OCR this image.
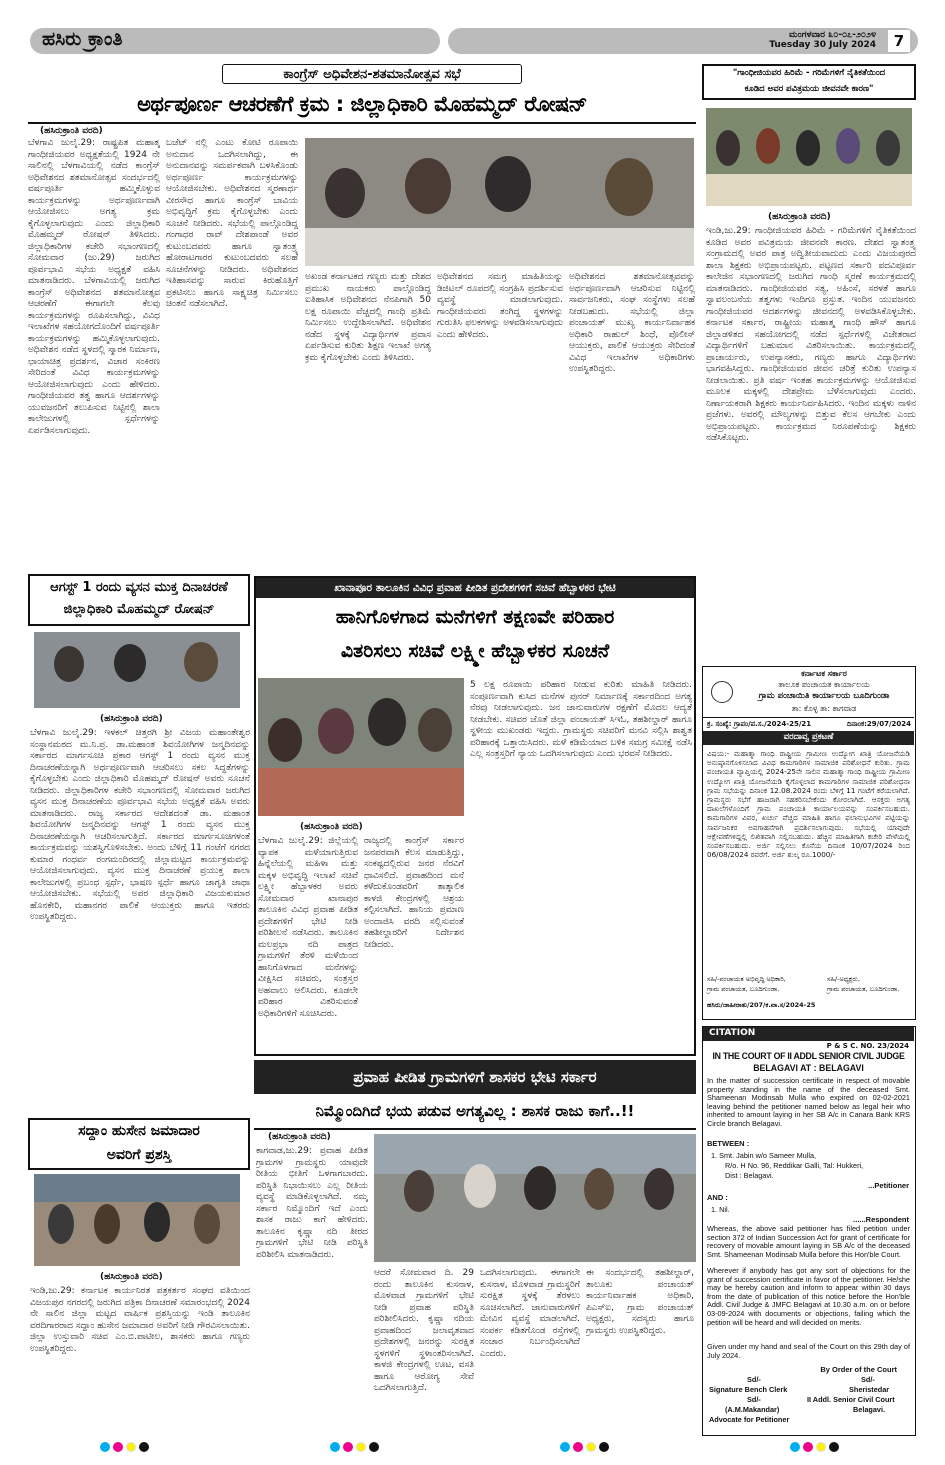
ಹಸಿರು ಕ್ರಾಂತಿ	ಮಂಗಳವಾರ ೩೦-೦೭-೨೦೨೪
Tuesday 30 July 2024	7
ಕಾಂಗ್ರೆಸ್ ಅಧಿವೇಶನ-ಶತಮಾನೋತ್ಸವ ಸಭೆ
ಅರ್ಥಪೂರ್ಣ ಆಚರಣೆಗೆ ಕ್ರಮ : ಜಿಲ್ಲಾಧಿಕಾರಿ ಮೊಹಮ್ಮದ್ ರೋಷನ್
(ಹಸಿರುಕ್ರಾಂತಿ ವರದಿ)
ಬೆಳಗಾವಿ ಜುಲೈ.29: ರಾಷ್ಟ್ರಪಿತ ಮಹಾತ್ಮ ಗಾಂಧೀಜಿಯವರ ಅಧ್ಯಕ್ಷತೆಯಲ್ಲಿ 1924 ನೇ ಸಾಲಿನಲ್ಲಿ ಬೆಳಗಾವಿಯಲ್ಲಿ ನಡೆದ ಕಾಂಗ್ರೆಸ್ ಅಧಿವೇಶನದ ಶತಮಾನೋತ್ಸವ ಸಂದರ್ಭದಲ್ಲಿ ವರ್ಷಪೂರ್ತಿ ಹಮ್ಮಿಕೊಳ್ಳುವ ಕಾರ್ಯಕ್ರಮಗಳನ್ನು ಅರ್ಥಪೂರ್ಣವಾಗಿ ಆಯೋಜಿಸಲು ಅಗತ್ಯ ಕ್ರಮ ಕೈಗೊಳ್ಳಲಾಗುವುದು ಎಂದು ಜಿಲ್ಲಾಧಿಕಾರಿ ಮೊಹಮ್ಮದ್ ರೋಷನ್ ತಿಳಿಸಿದರು. ಜಿಲ್ಲಾಧಿಕಾರಿಗಳ ಕಚೇರಿ ಸಭಾಂಗಣದಲ್ಲಿ ಸೋಮವಾರ (ಜು.29) ಜರುಗಿದ ಪೂರ್ವಭಾವಿ ಸಭೆಯ ಅಧ್ಯಕ್ಷತೆ ವಹಿಸಿ ಮಾತನಾಡಿದರು. ಬೆಳಗಾವಿಯಲ್ಲಿ ಜರುಗಿದ ಕಾಂಗ್ರೆಸ್ ಅಧಿವೇಶನದ ಶತಮಾನೋತ್ಸವ ಆಚರಣೆಗೆ ಈಗಾಗಲೇ ಕೆಲವು ಕಾರ್ಯಕ್ರಮಗಳನ್ನು ರೂಪಿಸಲಾಗಿದ್ದು, ವಿವಿಧ ಇಲಾಖೆಗಳ ಸಹಯೋಗದೊಂದಿಗೆ ವರ್ಷಪೂರ್ತಿ ಕಾರ್ಯಕ್ರಮಗಳನ್ನು ಹಮ್ಮಿಕೊಳ್ಳಲಾಗುವುದು. ಅಧಿವೇಶನ ನಡೆದ ಸ್ಥಳದಲ್ಲಿ ಸ್ಮಾರಕ ನಿರ್ಮಾಣ, ಛಾಯಾಚಿತ್ರ ಪ್ರದರ್ಶನ, ವಿಚಾರ ಸಂಕಿರಣ ಸೇರಿದಂತೆ ವಿವಿಧ ಕಾರ್ಯಕ್ರಮಗಳನ್ನು ಆಯೋಜಿಸಲಾಗುವುದು ಎಂದು ಹೇಳಿದರು. ಗಾಂಧೀಜಿಯವರ ತತ್ವ ಹಾಗೂ ಆದರ್ಶಗಳನ್ನು ಯುವಜನರಿಗೆ ತಲುಪಿಸುವ ನಿಟ್ಟಿನಲ್ಲಿ ಶಾಲಾ ಕಾಲೇಜುಗಳಲ್ಲಿ ಸ್ಪರ್ಧೆಗಳನ್ನು ಏರ್ಪಡಿಸಲಾಗುವುದು.
ಬಜೆಟ್ ನಲ್ಲಿ ಎಂಟು ಕೋಟಿ ರೂಪಾಯಿ ಅನುದಾನ ಒದಗಿಸಲಾಗಿದ್ದು, ಈ ಅನುದಾನವನ್ನು ಸಮರ್ಪಕವಾಗಿ ಬಳಸಿಕೊಂಡು ಅರ್ಥಪೂರ್ಣ ಕಾರ್ಯಕ್ರಮಗಳನ್ನು ಆಯೋಜಿಸಬೇಕು. ಅಧಿವೇಶನದ ಸ್ಮರಣಾರ್ಥ ವೀರಸೌಧ ಹಾಗೂ ಕಾಂಗ್ರೆಸ್ ಬಾವಿಯ ಅಭಿವೃದ್ಧಿಗೆ ಕ್ರಮ ಕೈಗೊಳ್ಳಬೇಕು ಎಂದು ಸೂಚನೆ ನೀಡಿದರು. ಸಭೆಯಲ್ಲಿ ಪಾಲ್ಗೊಂಡಿದ್ದ ಗಂಗಾಧರ ರಾವ್ ದೇಶಪಾಂಡೆ ಅವರ ಕುಟುಂಬದವರು ಹಾಗೂ ಸ್ವಾತಂತ್ರ್ಯ ಹೋರಾಟಗಾರರ ಕುಟುಂಬದವರು ಸಲಹೆ ಸೂಚನೆಗಳನ್ನು ನೀಡಿದರು. ಅಧಿವೇಶನದ ಇತಿಹಾಸವನ್ನು ಸಾರುವ ಕಿರುಹೊತ್ತಿಗೆ ಪ್ರಕಟಿಸಲು ಹಾಗೂ ಸಾಕ್ಷ್ಯಚಿತ್ರ ನಿರ್ಮಿಸಲು ಚಿಂತನೆ ನಡೆಸಲಾಗಿದೆ.
ಅಖಂಡ ಕರ್ನಾಟಕದ ಗಣ್ಯರು ಮತ್ತು ದೇಶದ ಪ್ರಮುಖ ನಾಯಕರು ಪಾಲ್ಗೊಂಡಿದ್ದ ಐತಿಹಾಸಿಕ ಅಧಿವೇಶನದ ನೆನಪಿಗಾಗಿ 50 ಲಕ್ಷ ರೂಪಾಯಿ ವೆಚ್ಚದಲ್ಲಿ ಗಾಂಧಿ ಪ್ರತಿಮೆ ನಿರ್ಮಿಸಲು ಉದ್ದೇಶಿಸಲಾಗಿದೆ. ಅಧಿವೇಶನ ನಡೆದ ಸ್ಥಳಕ್ಕೆ ವಿದ್ಯಾರ್ಥಿಗಳ ಪ್ರವಾಸ ಏರ್ಪಡಿಸುವ ಕುರಿತು ಶಿಕ್ಷಣ ಇಲಾಖೆ ಅಗತ್ಯ ಕ್ರಮ ಕೈಗೊಳ್ಳಬೇಕು ಎಂದು ತಿಳಿಸಿದರು.
ಅಧಿವೇಶನದ ಸಮಗ್ರ ಮಾಹಿತಿಯನ್ನು ಡಿಜಿಟಲ್ ರೂಪದಲ್ಲಿ ಸಂಗ್ರಹಿಸಿ ಪ್ರದರ್ಶಿಸುವ ವ್ಯವಸ್ಥೆ ಮಾಡಲಾಗುವುದು. ಗಾಂಧೀಜಿಯವರು ತಂಗಿದ್ದ ಸ್ಥಳಗಳನ್ನು ಗುರುತಿಸಿ ಫಲಕಗಳನ್ನು ಅಳವಡಿಸಲಾಗುವುದು ಎಂದು ಹೇಳಿದರು.
ಅಧಿವೇಶನದ ಶತಮಾನೋತ್ಸವವನ್ನು ಅರ್ಥಪೂರ್ಣವಾಗಿ ಆಚರಿಸುವ ನಿಟ್ಟಿನಲ್ಲಿ ಸಾರ್ವಜನಿಕರು, ಸಂಘ ಸಂಸ್ಥೆಗಳು ಸಲಹೆ ನೀಡಬಹುದು. ಸಭೆಯಲ್ಲಿ ಜಿಲ್ಲಾ ಪಂಚಾಯತ್ ಮುಖ್ಯ ಕಾರ್ಯನಿರ್ವಾಹಕ ಅಧಿಕಾರಿ ರಾಹುಲ್ ಶಿಂಧೆ, ಪೊಲೀಸ್ ಆಯುಕ್ತರು, ಪಾಲಿಕೆ ಆಯುಕ್ತರು ಸೇರಿದಂತೆ ವಿವಿಧ ಇಲಾಖೆಗಳ ಅಧಿಕಾರಿಗಳು ಉಪಸ್ಥಿತರಿದ್ದರು.
ಆಗಸ್ಟ್ 1 ರಂದು ವ್ಯಸನ ಮುಕ್ತ ದಿನಾಚರಣೆ
ಜಿಲ್ಲಾಧಿಕಾರಿ ಮೊಹಮ್ಮದ್ ರೋಷನ್
(ಹಸಿರುಕ್ರಾಂತಿ ವರದಿ)
ಬೆಳಗಾವಿ ಜುಲೈ.29: ಇಳಕಲ್ ಚಿತ್ತರಗಿ ಶ್ರೀ ವಿಜಯ ಮಹಾಂತೇಶ್ವರ ಸಂಸ್ಥಾನಮಠದ ಮ.ನಿ.ಪ್ರ. ಡಾ.ಮಹಾಂತ ಶಿವಯೋಗಿಗಳ ಜನ್ಮದಿನವನ್ನು ಸರ್ಕಾರದ ಮಾರ್ಗಸೂಚಿ ಪ್ರಕಾರ ಆಗಸ್ಟ್ 1 ರಂದು ವ್ಯಸನ ಮುಕ್ತ ದಿನಾಚರಣೆಯನ್ನಾಗಿ ಅರ್ಥಪೂರ್ಣವಾಗಿ ಆಚರಿಸಲು ಸಕಲ ಸಿದ್ಧತೆಗಳನ್ನು ಕೈಗೊಳ್ಳಬೇಕು ಎಂದು ಜಿಲ್ಲಾಧಿಕಾರಿ ಮೊಹಮ್ಮದ್ ರೋಷನ್ ಅವರು ಸೂಚನೆ ನೀಡಿದರು. ಜಿಲ್ಲಾಧಿಕಾರಿಗಳ ಕಚೇರಿ ಸಭಾಂಗಣದಲ್ಲಿ ಸೋಮವಾರ ಜರುಗಿದ ವ್ಯಸನ ಮುಕ್ತ ದಿನಾಚರಣೆಯ ಪೂರ್ವಭಾವಿ ಸಭೆಯ ಅಧ್ಯಕ್ಷತೆ ವಹಿಸಿ ಅವರು ಮಾತನಾಡಿದರು. ರಾಜ್ಯ ಸರ್ಕಾರದ ಆದೇಶದಂತೆ ಡಾ. ಮಹಾಂತ ಶಿವಯೋಗಿಗಳ ಜನ್ಮದಿನವನ್ನು ಆಗಸ್ಟ್ 1 ರಂದು ವ್ಯಸನ ಮುಕ್ತ ದಿನಾಚರಣೆಯನ್ನಾಗಿ ಆಚರಿಸಲಾಗುತ್ತಿದೆ. ಸರ್ಕಾರದ ಮಾರ್ಗಸೂಚಿಗಳಂತೆ ಕಾರ್ಯಕ್ರಮವನ್ನು ಯಶಸ್ವಿಗೊಳಿಸಬೇಕು. ಅಂದು ಬೆಳಿಗ್ಗೆ 11 ಗಂಟೆಗೆ ನಗರದ ಕುಮಾರ ಗಂಧರ್ವ ರಂಗಮಂದಿರದಲ್ಲಿ ಜಿಲ್ಲಾಮಟ್ಟದ ಕಾರ್ಯಕ್ರಮವನ್ನು ಆಯೋಜಿಸಲಾಗುವುದು. ವ್ಯಸನ ಮುಕ್ತ ದಿನಾಚರಣೆ ಪ್ರಯುಕ್ತ ಶಾಲಾ ಕಾಲೇಜುಗಳಲ್ಲಿ ಪ್ರಬಂಧ ಸ್ಪರ್ಧೆ, ಭಾಷಣ ಸ್ಪರ್ಧೆ ಹಾಗೂ ಜಾಗೃತಿ ಜಾಥಾ ಆಯೋಜಿಸಬೇಕು. ಸಭೆಯಲ್ಲಿ ಅಪರ ಜಿಲ್ಲಾಧಿಕಾರಿ ವಿಜಯಕುಮಾರ ಹೊನಕೇರಿ, ಮಹಾನಗರ ಪಾಲಿಕೆ ಆಯುಕ್ತರು ಹಾಗೂ ಇತರರು ಉಪಸ್ಥಿತರಿದ್ದರು.
ಸದ್ದಾಂ ಹುಸೇನ ಜಮಾದಾರ
ಅವರಿಗೆ ಪ್ರಶಸ್ತಿ
(ಹಸಿರುಕ್ರಾಂತಿ ವರದಿ)
ಇಂಡಿ,ಜು.29: ಕರ್ನಾಟಕ ಕಾರ್ಯನಿರತ ಪತ್ರಕರ್ತರ ಸಂಘದ ವತಿಯಿಂದ ವಿಜಯಪುರ ನಗರದಲ್ಲಿ ಜರುಗಿದ ಪತ್ರಿಕಾ ದಿನಾಚರಣೆ ಸಮಾರಂಭದಲ್ಲಿ 2024 ನೇ ಸಾಲಿನ ಜಿಲ್ಲಾ ಮಟ್ಟದ ವಾರ್ಷಿಕ ಪ್ರಶಸ್ತಿಯನ್ನು ಇಂಡಿ ತಾಲೂಕಿನ ವರದಿಗಾರರಾದ ಸದ್ದಾಂ ಹುಸೇನ ಜಮಾದಾರ ಅವರಿಗೆ ನೀಡಿ ಗೌರವಿಸಲಾಯಿತು. ಜಿಲ್ಲಾ ಉಸ್ತುವಾರಿ ಸಚಿವ ಎಂ.ಬಿ.ಪಾಟೀಲ, ಶಾಸಕರು ಹಾಗೂ ಗಣ್ಯರು ಉಪಸ್ಥಿತರಿದ್ದರು.
ಖಾನಾಪೂರ ತಾಲೂಕಿನ ವಿವಿಧ ಪ್ರವಾಹ ಪೀಡಿತ ಪ್ರದೇಶಗಳಿಗೆ ಸಚಿವೆ ಹೆಬ್ಬಾಳಕರ ಭೇಟಿ
ಹಾನಿಗೊಳಗಾದ ಮನೆಗಳಿಗೆ ತಕ್ಷಣವೇ ಪರಿಹಾರ
ವಿತರಿಸಲು ಸಚಿವೆ ಲಕ್ಷ್ಮೀ ಹೆಬ್ಬಾಳಕರ ಸೂಚನೆ
(ಹಸಿರುಕ್ರಾಂತಿ ವರದಿ)
ಬೆಳಗಾವಿ ಜುಲೈ.29: ಜಿಲ್ಲೆಯಲ್ಲಿ ವ್ಯಾಪಕ ಮಳೆಯಾಗುತ್ತಿರುವ ಹಿನ್ನೆಲೆಯಲ್ಲಿ ಮಹಿಳಾ ಮತ್ತು ಮಕ್ಕಳ ಅಭಿವೃದ್ಧಿ ಇಲಾಖೆ ಸಚಿವೆ ಲಕ್ಷ್ಮೀ ಹೆಬ್ಬಾಳಕರ ಅವರು ಸೋಮವಾರ ಖಾನಾಪುರ ತಾಲೂಕಿನ ವಿವಿಧ ಪ್ರವಾಹ ಪೀಡಿತ ಪ್ರದೇಶಗಳಿಗೆ ಭೇಟಿ ನೀಡಿ ಪರಿಶೀಲನೆ ನಡೆಸಿದರು. ತಾಲೂಕಿನ ಮಲಪ್ರಭಾ ನದಿ ಪಾತ್ರದ ಗ್ರಾಮಗಳಿಗೆ ತೆರಳಿ ಮಳೆಯಿಂದ ಹಾನಿಗೊಳಗಾದ ಮನೆಗಳನ್ನು ವೀಕ್ಷಿಸಿದ ಸಚಿವರು, ಸಂತ್ರಸ್ತರ ಅಹವಾಲು ಆಲಿಸಿದರು. ಕೂಡಲೇ ಪರಿಹಾರ ವಿತರಿಸುವಂತೆ ಅಧಿಕಾರಿಗಳಿಗೆ ಸೂಚಿಸಿದರು.
ರಾಜ್ಯದಲ್ಲಿ ಕಾಂಗ್ರೆಸ್ ಸರ್ಕಾರ ಜನಪರವಾಗಿ ಕೆಲಸ ಮಾಡುತ್ತಿದ್ದು, ಸಂಕಷ್ಟದಲ್ಲಿರುವ ಜನರ ನೆರವಿಗೆ ಧಾವಿಸಲಿದೆ. ಪ್ರವಾಹದಿಂದ ಮನೆ ಕಳೆದುಕೊಂಡವರಿಗೆ ತಾತ್ಕಾಲಿಕ ಕಾಳಜಿ ಕೇಂದ್ರಗಳಲ್ಲಿ ಆಶ್ರಯ ಕಲ್ಪಿಸಲಾಗಿದೆ. ಹಾನಿಯ ಪ್ರಮಾಣ ಅಂದಾಜಿಸಿ ವರದಿ ಸಲ್ಲಿಸುವಂತೆ ತಹಶೀಲ್ದಾರರಿಗೆ ನಿರ್ದೇಶನ ನೀಡಿದರು.
5 ಲಕ್ಷ ರೂಪಾಯಿ ಪರಿಹಾರ ನೀಡುವ ಕುರಿತು ಮಾಹಿತಿ ನೀಡಿದರು. ಸಂಪೂರ್ಣವಾಗಿ ಕುಸಿದ ಮನೆಗಳ ಪುನರ್ ನಿರ್ಮಾಣಕ್ಕೆ ಸರ್ಕಾರದಿಂದ ಅಗತ್ಯ ನೆರವು ನೀಡಲಾಗುವುದು. ಜನ ಜಾನುವಾರುಗಳ ರಕ್ಷಣೆಗೆ ಮೊದಲ ಆದ್ಯತೆ ನೀಡಬೇಕು. ಸಚಿವರ ಜೊತೆ ಜಿಲ್ಲಾ ಪಂಚಾಯತ್ ಸಿಇಓ, ತಹಶೀಲ್ದಾರ್ ಹಾಗೂ ಸ್ಥಳೀಯ ಮುಖಂಡರು ಇದ್ದರು. ಗ್ರಾಮಸ್ಥರು ಸಚಿವರಿಗೆ ಮನವಿ ಸಲ್ಲಿಸಿ ಶಾಶ್ವತ ಪರಿಹಾರಕ್ಕೆ ಒತ್ತಾಯಿಸಿದರು. ಮಳೆ ಕಡಿಮೆಯಾದ ಬಳಿಕ ಸಮಗ್ರ ಸಮೀಕ್ಷೆ ನಡೆಸಿ ಎಲ್ಲ ಸಂತ್ರಸ್ತರಿಗೆ ನ್ಯಾಯ ಒದಗಿಸಲಾಗುವುದು ಎಂದು ಭರವಸೆ ನೀಡಿದರು.
ಪ್ರವಾಹ ಪೀಡಿತ ಗ್ರಾಮಗಳಿಗೆ ಶಾಸಕರ ಭೇಟಿ ಸರ್ಕಾರ
ನಿಮ್ಮೊಂದಿಗಿದೆ ಭಯ ಪಡುವ ಅಗತ್ಯವಿಲ್ಲ : ಶಾಸಕ ರಾಜು ಕಾಗೆ..!!
(ಹಸಿರುಕ್ರಾಂತಿ ವರದಿ)
ಕಾಗವಾಡ,ಜು.29: ಪ್ರವಾಹ ಪೀಡಿತ ಗ್ರಾಮಗಳ ಗ್ರಾಮಸ್ಥರು ಯಾವುದೇ ರೀತಿಯ ಭೀತಿಗೆ ಒಳಗಾಗಬಾರದು. ಪರಿಸ್ಥಿತಿ ನಿಭಾಯಿಸಲು ಎಲ್ಲ ರೀತಿಯ ವ್ಯವಸ್ಥೆ ಮಾಡಿಕೊಳ್ಳಲಾಗಿದೆ. ನಮ್ಮ ಸರ್ಕಾರ ನಿಮ್ಮೊಂದಿಗೆ ಇದೆ ಎಂದು ಶಾಸಕ ರಾಜು ಕಾಗೆ ಹೇಳಿದರು. ತಾಲೂಕಿನ ಕೃಷ್ಣಾ ನದಿ ತೀರದ ಗ್ರಾಮಗಳಿಗೆ ಭೇಟಿ ನೀಡಿ ಪರಿಸ್ಥಿತಿ ಪರಿಶೀಲಿಸಿ ಮಾತನಾಡಿದರು.
ಆದರೆ ಸೋಮವಾರ ದಿ. 29 ರಂದು ತಾಲೂಕಿನ ಕುಸನಾಳ, ಮೊಳವಾಡ ಗ್ರಾಮಗಳಿಗೆ ಭೇಟಿ ನೀಡಿ ಪ್ರವಾಹ ಪರಿಸ್ಥಿತಿ ಪರಿಶೀಲಿಸಿದರು. ಕೃಷ್ಣಾ ನದಿಯ ಪ್ರವಾಹದಿಂದ ಜಲಾವೃತವಾದ ಪ್ರದೇಶಗಳಲ್ಲಿ ಜನರನ್ನು ಸುರಕ್ಷಿತ ಸ್ಥಳಗಳಿಗೆ ಸ್ಥಳಾಂತರಿಸಲಾಗಿದೆ. ಕಾಳಜಿ ಕೇಂದ್ರಗಳಲ್ಲಿ ಊಟ, ವಸತಿ ಹಾಗೂ ಆರೋಗ್ಯ ಸೇವೆ ಒದಗಿಸಲಾಗುತ್ತಿದೆ.
ಒದಗಿಸಲಾಗುವುದು. ಈಗಾಗಲೇ ಕುಸನಾಳ, ಮೊಳವಾಡ ಗ್ರಾಮಸ್ಥರಿಗೆ ಸುರಕ್ಷಿತ ಸ್ಥಳಕ್ಕೆ ತೆರಳಲು ಸೂಚಿಸಲಾಗಿದೆ. ಜಾನುವಾರುಗಳಿಗೆ ಮೇವಿನ ವ್ಯವಸ್ಥೆ ಮಾಡಲಾಗಿದೆ. ಸಂಪರ್ಕ ಕಡಿತಗೊಂಡ ರಸ್ತೆಗಳಲ್ಲಿ ಸಂಚಾರ ನಿರ್ಬಂಧಿಸಲಾಗಿದೆ ಎಂದರು.
ಈ ಸಂದರ್ಭದಲ್ಲಿ ತಹಶೀಲ್ದಾರ್, ತಾಲೂಕು ಪಂಚಾಯತ್ ಕಾರ್ಯನಿರ್ವಾಹಕ ಅಧಿಕಾರಿ, ಪಿಎಸ್‌ಐ, ಗ್ರಾಮ ಪಂಚಾಯತ್ ಅಧ್ಯಕ್ಷರು, ಸದಸ್ಯರು ಹಾಗೂ ಗ್ರಾಮಸ್ಥರು ಉಪಸ್ಥಿತರಿದ್ದರು.
"ಗಾಂಧೀಜಿಯವರ ಹಿರಿಮೆ - ಗರಿಮೆಗಳಿಗೆ ನೈತಿಕತೆಯಿಂದ
ಕೂಡಿದ ಅವರ ಪವಿತ್ರಮಯ ಜೀವನವೇ ಕಾರಣ"
(ಹಸಿರುಕ್ರಾಂತಿ ವರದಿ)
ಇಂಡಿ,ಜು.29: ಗಾಂಧೀಜಿಯವರ ಹಿರಿಮೆ - ಗರಿಮೆಗಳಿಗೆ ನೈತಿಕತೆಯಿಂದ ಕೂಡಿದ ಅವರ ಪವಿತ್ರಮಯ ಜೀವನವೇ ಕಾರಣ. ದೇಶದ ಸ್ವಾತಂತ್ರ್ಯ ಸಂಗ್ರಾಮದಲ್ಲಿ ಅವರ ಪಾತ್ರ ಅದ್ವಿತೀಯವಾದುದು ಎಂದು ವಿಜಯಪುರದ ಶಾಲಾ ಶಿಕ್ಷಕರು ಅಭಿಪ್ರಾಯಪಟ್ಟರು. ಪಟ್ಟಣದ ಸರ್ಕಾರಿ ಪದವಿಪೂರ್ವ ಕಾಲೇಜಿನ ಸಭಾಂಗಣದಲ್ಲಿ ಜರುಗಿದ ಗಾಂಧಿ ಸ್ಮರಣೆ ಕಾರ್ಯಕ್ರಮದಲ್ಲಿ ಮಾತನಾಡಿದರು. ಗಾಂಧೀಜಿಯವರ ಸತ್ಯ, ಅಹಿಂಸೆ, ಸರಳತೆ ಹಾಗೂ ಸ್ವಾವಲಂಬನೆಯ ತತ್ವಗಳು ಇಂದಿಗೂ ಪ್ರಸ್ತುತ. ಇಂದಿನ ಯುವಜನರು ಗಾಂಧೀಜಿಯವರ ಆದರ್ಶಗಳನ್ನು ಜೀವನದಲ್ಲಿ ಅಳವಡಿಸಿಕೊಳ್ಳಬೇಕು. ಕರ್ನಾಟಕ ಸರ್ಕಾರ, ರಾಷ್ಟ್ರೀಯ ಮಹಾತ್ಮ ಗಾಂಧಿ ಹೌಸ್ ಹಾಗೂ ಜಿಲ್ಲಾಡಳಿತದ ಸಹಯೋಗದಲ್ಲಿ ನಡೆದ ಸ್ಪರ್ಧೆಗಳಲ್ಲಿ ವಿಜೇತರಾದ ವಿದ್ಯಾರ್ಥಿಗಳಿಗೆ ಬಹುಮಾನ ವಿತರಿಸಲಾಯಿತು. ಕಾರ್ಯಕ್ರಮದಲ್ಲಿ ಪ್ರಾಚಾರ್ಯರು, ಉಪನ್ಯಾಸಕರು, ಗಣ್ಯರು ಹಾಗೂ ವಿದ್ಯಾರ್ಥಿಗಳು ಭಾಗವಹಿಸಿದ್ದರು. ಗಾಂಧೀಜಿಯವರ ಜೀವನ ಚರಿತ್ರೆ ಕುರಿತು ಉಪನ್ಯಾಸ ನೀಡಲಾಯಿತು. ಪ್ರತಿ ವರ್ಷ ಇಂತಹ ಕಾರ್ಯಕ್ರಮಗಳನ್ನು ಆಯೋಜಿಸುವ ಮೂಲಕ ಮಕ್ಕಳಲ್ಲಿ ದೇಶಪ್ರೇಮ ಬೆಳೆಸಲಾಗುವುದು ಎಂದರು. ನಿರ್ಣಾಯಕರಾಗಿ ಶಿಕ್ಷಕರು ಕಾರ್ಯನಿರ್ವಹಿಸಿದರು. ಇಂದಿನ ಮಕ್ಕಳು ನಾಳಿನ ಪ್ರಜೆಗಳು. ಅವರಲ್ಲಿ ಮೌಲ್ಯಗಳನ್ನು ಬಿತ್ತುವ ಕೆಲಸ ಆಗಬೇಕು ಎಂದು ಅಭಿಪ್ರಾಯಪಟ್ಟರು. ಕಾರ್ಯಕ್ರಮದ ನಿರೂಪಣೆಯನ್ನು ಶಿಕ್ಷಕರು ನಡೆಸಿಕೊಟ್ಟರು.
ಕರ್ನಾಟಕ ಸರ್ಕಾರ
ತಾಲೂಕ ಪಂಚಾಯತ ಕಾರ್ಯಾಲಯ
ಗ್ರಾಮ ಪಂಚಾಯಿತಿ ಕಾರ್ಯಾಲಯ ಬೂದಿಗುಂಡಾ
ತಾ: ಕೊಳ್ಳ ತಾ: ಕಾಗವಾಡ
ಕ್ರ. ಸಂಖ್ಯೆ: ಗ್ರಾಪಂ/ಪ.ಸ./2024-25/21	ದಿನಾಂಕ:29/07/2024
ವರದಾವ್ವ ಪ್ರಕಟಣೆ
ವಿಷಯ:- ಮಹಾತ್ಮಾ ಗಾಂಧಿ ರಾಷ್ಟ್ರೀಯ ಗ್ರಾಮೀಣ ಉದ್ಯೋಗ ಖಾತ್ರಿ ಯೋಜನೆಯಡಿ ಅನುಷ್ಠಾನಗೊಳಿಸಲಾದ ವಿವಿಧ ಕಾಮಗಾರಿಗಳ ಸಾಮಾಜಿಕ ಪರಿಶೋಧನೆ ಕುರಿತು. ಗ್ರಾಮ ಪಂಚಾಯತಿ ವ್ಯಾಪ್ತಿಯಲ್ಲಿ 2024-25ನೇ ಸಾಲಿನ ಮಹಾತ್ಮಾ ಗಾಂಧಿ ರಾಷ್ಟ್ರೀಯ ಗ್ರಾಮೀಣ ಉದ್ಯೋಗ ಖಾತ್ರಿ ಯೋಜನೆಯಡಿ ಕೈಗೊಳ್ಳಲಾದ ಕಾಮಗಾರಿಗಳ ಸಾಮಾಜಿಕ ಪರಿಶೋಧನಾ ಗ್ರಾಮ ಸಭೆಯನ್ನು ದಿನಾಂಕ 12.08.2024 ರಂದು ಬೆಳಿಗ್ಗೆ 11 ಗಂಟೆಗೆ ಕರೆಯಲಾಗಿದೆ. ಗ್ರಾಮಸ್ಥರು ಸಭೆಗೆ ಹಾಜರಾಗಿ ಸಹಕರಿಸಬೇಕೆಂದು ಕೋರಲಾಗಿದೆ. ಆಸಕ್ತರು ಅಗತ್ಯ ದಾಖಲೆಗಳೊಂದಿಗೆ ಗ್ರಾಮ ಪಂಚಾಯತಿ ಕಾರ್ಯಾಲಯವನ್ನು ಸಂಪರ್ಕಿಸಬಹುದು. ಕಾಮಗಾರಿಗಳ ವಿವರ, ಖರ್ಚು ವೆಚ್ಚದ ಮಾಹಿತಿ ಹಾಗೂ ಫಲಾನುಭವಿಗಳ ಪಟ್ಟಿಯನ್ನು ಸಾರ್ವಜನಿಕರ ಅವಗಾಹನೆಗಾಗಿ ಪ್ರದರ್ಶಿಸಲಾಗುವುದು. ಸಭೆಯಲ್ಲಿ ಯಾವುದೇ ಆಕ್ಷೇಪಣೆಗಳಿದ್ದಲ್ಲಿ ಲಿಖಿತವಾಗಿ ಸಲ್ಲಿಸಬಹುದು. ಹೆಚ್ಚಿನ ಮಾಹಿತಿಗಾಗಿ ಕಚೇರಿ ವೇಳೆಯಲ್ಲಿ ಸಂಪರ್ಕಿಸಬಹುದು. ಅರ್ಜಿ ಸಲ್ಲಿಸಲು ಕೊನೆಯ ದಿನಾಂಕ 10/07/2024 ರಿಂದ 06/08/2024 ರವರೆಗೆ. ಅರ್ಜಿ ಶುಲ್ಕ ರೂ.1000/-
ಸಹಿ/-ಪಂಚಾಯತ ಅಭಿವೃದ್ಧಿ ಅಧಿಕಾರಿ,
ಗ್ರಾಮ ಪಂಚಾಯತ, ಬೂದಿಗುಂಡಾ.
ಸಹಿ/-ಅಧ್ಯಕ್ಷರು,
ಗ್ರಾಮ ಪಂಚಾಯತ, ಬೂದಿಗುಂಡಾ.
ಹಸಿರು/ಜಾಹೀರಾತು/207/ಕ.ವಾ.ಸ/2024-25
CITATION
P & S C. NO. 23/2024
IN THE COURT OF II ADDL SENIOR CIVIL JUDGE
BELAGAVI AT : BELAGAVI
In the matter of succession certificate in respect of movable property standing in the name of the deceased Smt. Shameenan Modinsab Mulla who expired on 02-02-2021 leaving behind the petitioner named below as legal heir who inherited to amount laying in her SB A/c in Canara Bank KRS Circle branch Belagavi.
BETWEEN :
1. Smt. Jabin w/o Sameer Mulla,
R/o. H No. 96, Reddikar Galli, Tal: Hukkeri,
Dist : Belagavi.
...Petitioner
AND :
1. Nil.
......Respondent
Whereas, the above said petitioner has filed petition under section 372 of Indian Succession Act for grant of certificate for recovery of movable amount laying in SB A/c of the deceased Smt. Shameenan Modinsab Mulla before this Hon'ble Court.
Wherever if anybody has got any sort of objections for the grant of succession certificate in favor of the petitioner. He/she may be hereby caution and inform to appear within 30 days from the date of publication of this notice before the Hon'ble Addl. Civil Judge & JMFC Belagavi at 10.30 a.m. on or before 03-09-2024 with documents or objections, failing which the petition will be heard and will decided on merits.
Given under my hand and seal of the Court on this 29th day of July 2024.
By Order of the Court
Sd/-
Signature Bench Clerk
Sd/-
(A.M.Makandar)
Advocate for Petitioner
Sd/-
Sheristedar
II Addl. Senior Civil Court
Belagavi.
